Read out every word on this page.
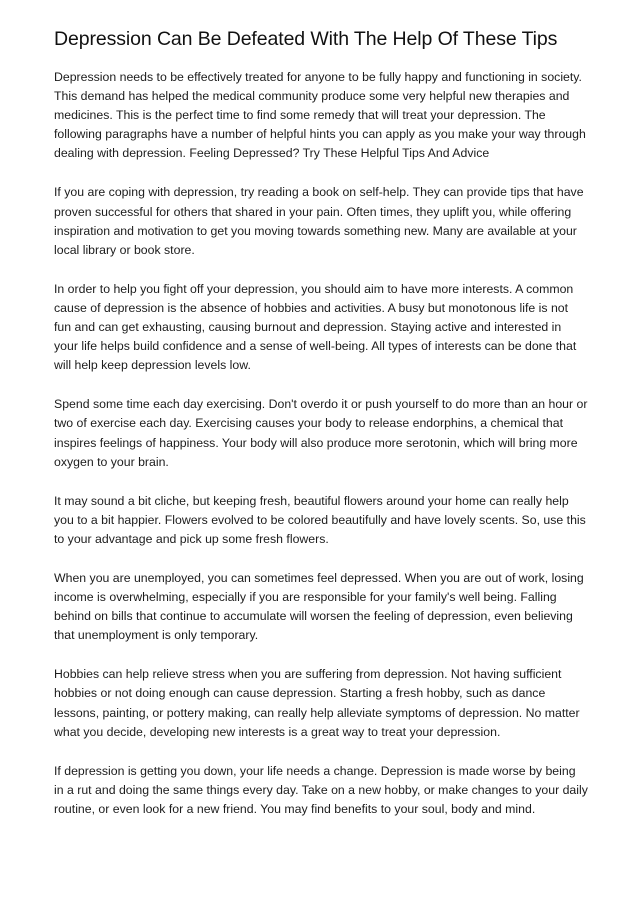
Depression Can Be Defeated With The Help Of These Tips

Depression needs to be effectively treated for anyone to be fully happy and functioning in society. This demand has helped the medical community produce some very helpful new therapies and medicines. This is the perfect time to find some remedy that will treat your depression. The following paragraphs have a number of helpful hints you can apply as you make your way through dealing with depression. Feeling Depressed? Try These Helpful Tips And Advice

If you are coping with depression, try reading a book on self-help. They can provide tips that have proven successful for others that shared in your pain. Often times, they uplift you, while offering inspiration and motivation to get you moving towards something new. Many are available at your local library or book store.

In order to help you fight off your depression, you should aim to have more interests. A common cause of depression is the absence of hobbies and activities. A busy but monotonous life is not fun and can get exhausting, causing burnout and depression. Staying active and interested in your life helps build confidence and a sense of well-being. All types of interests can be done that will help keep depression levels low.

Spend some time each day exercising. Don't overdo it or push yourself to do more than an hour or two of exercise each day. Exercising causes your body to release endorphins, a chemical that inspires feelings of happiness. Your body will also produce more serotonin, which will bring more oxygen to your brain.

It may sound a bit cliche, but keeping fresh, beautiful flowers around your home can really help you to a bit happier. Flowers evolved to be colored beautifully and have lovely scents. So, use this to your advantage and pick up some fresh flowers.

When you are unemployed, you can sometimes feel depressed. When you are out of work, losing income is overwhelming, especially if you are responsible for your family's well being. Falling behind on bills that continue to accumulate will worsen the feeling of depression, even believing that unemployment is only temporary.

Hobbies can help relieve stress when you are suffering from depression. Not having sufficient hobbies or not doing enough can cause depression. Starting a fresh hobby, such as dance lessons, painting, or pottery making, can really help alleviate symptoms of depression. No matter what you decide, developing new interests is a great way to treat your depression.

If depression is getting you down, your life needs a change. Depression is made worse by being in a rut and doing the same things every day. Take on a new hobby, or make changes to your daily routine, or even look for a new friend. You may find benefits to your soul, body and mind.
